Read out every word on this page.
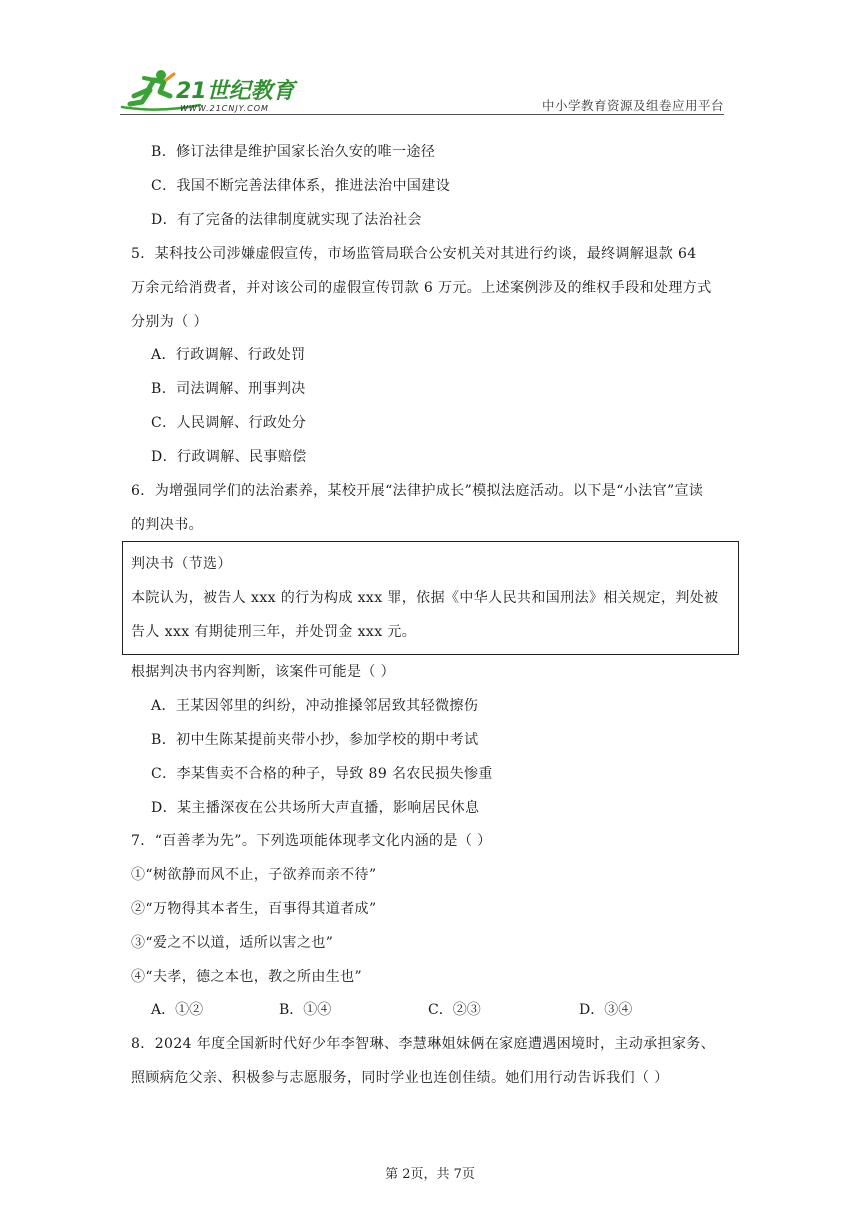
21世纪教育
WWW.21CNJY.COM	中小学教育资源及组卷应用平台
B．修订法律是维护国家长治久安的唯一途径
C．我国不断完善法律体系，推进法治中国建设
D．有了完备的法律制度就实现了法治社会
5．某科技公司涉嫌虚假宣传，市场监管局联合公安机关对其进行约谈，最终调解退款 64
万余元给消费者，并对该公司的虚假宣传罚款 6 万元。上述案例涉及的维权手段和处理方式
分别为（ ）
A．行政调解、行政处罚
B．司法调解、刑事判决
C．人民调解、行政处分
D．行政调解、民事赔偿
6．为增强同学们的法治素养，某校开展“法律护成长”模拟法庭活动。以下是“小法官”宣读
的判决书。
判决书（节选）
本院认为，被告人 xxx 的行为构成 xxx 罪，依据《中华人民共和国刑法》相关规定，判处被
告人 xxx 有期徒刑三年，并处罚金 xxx 元。
根据判决书内容判断，该案件可能是（ ）
A．王某因邻里的纠纷，冲动推搡邻居致其轻微擦伤
B．初中生陈某提前夹带小抄，参加学校的期中考试
C．李某售卖不合格的种子，导致 89 名农民损失惨重
D．某主播深夜在公共场所大声直播，影响居民休息
7．“百善孝为先”。下列选项能体现孝文化内涵的是（ ）
①“树欲静而风不止，子欲养而亲不待”
②“万物得其本者生，百事得其道者成”
③“爱之不以道，适所以害之也”
④“夫孝，德之本也，教之所由生也”
A．①②	B．①④	C．②③	D．③④
8．2024 年度全国新时代好少年李智琳、李慧琳姐妹俩在家庭遭遇困境时，主动承担家务、
照顾病危父亲、积极参与志愿服务，同时学业也连创佳绩。她们用行动告诉我们（ ）
第 2页，共 7页
